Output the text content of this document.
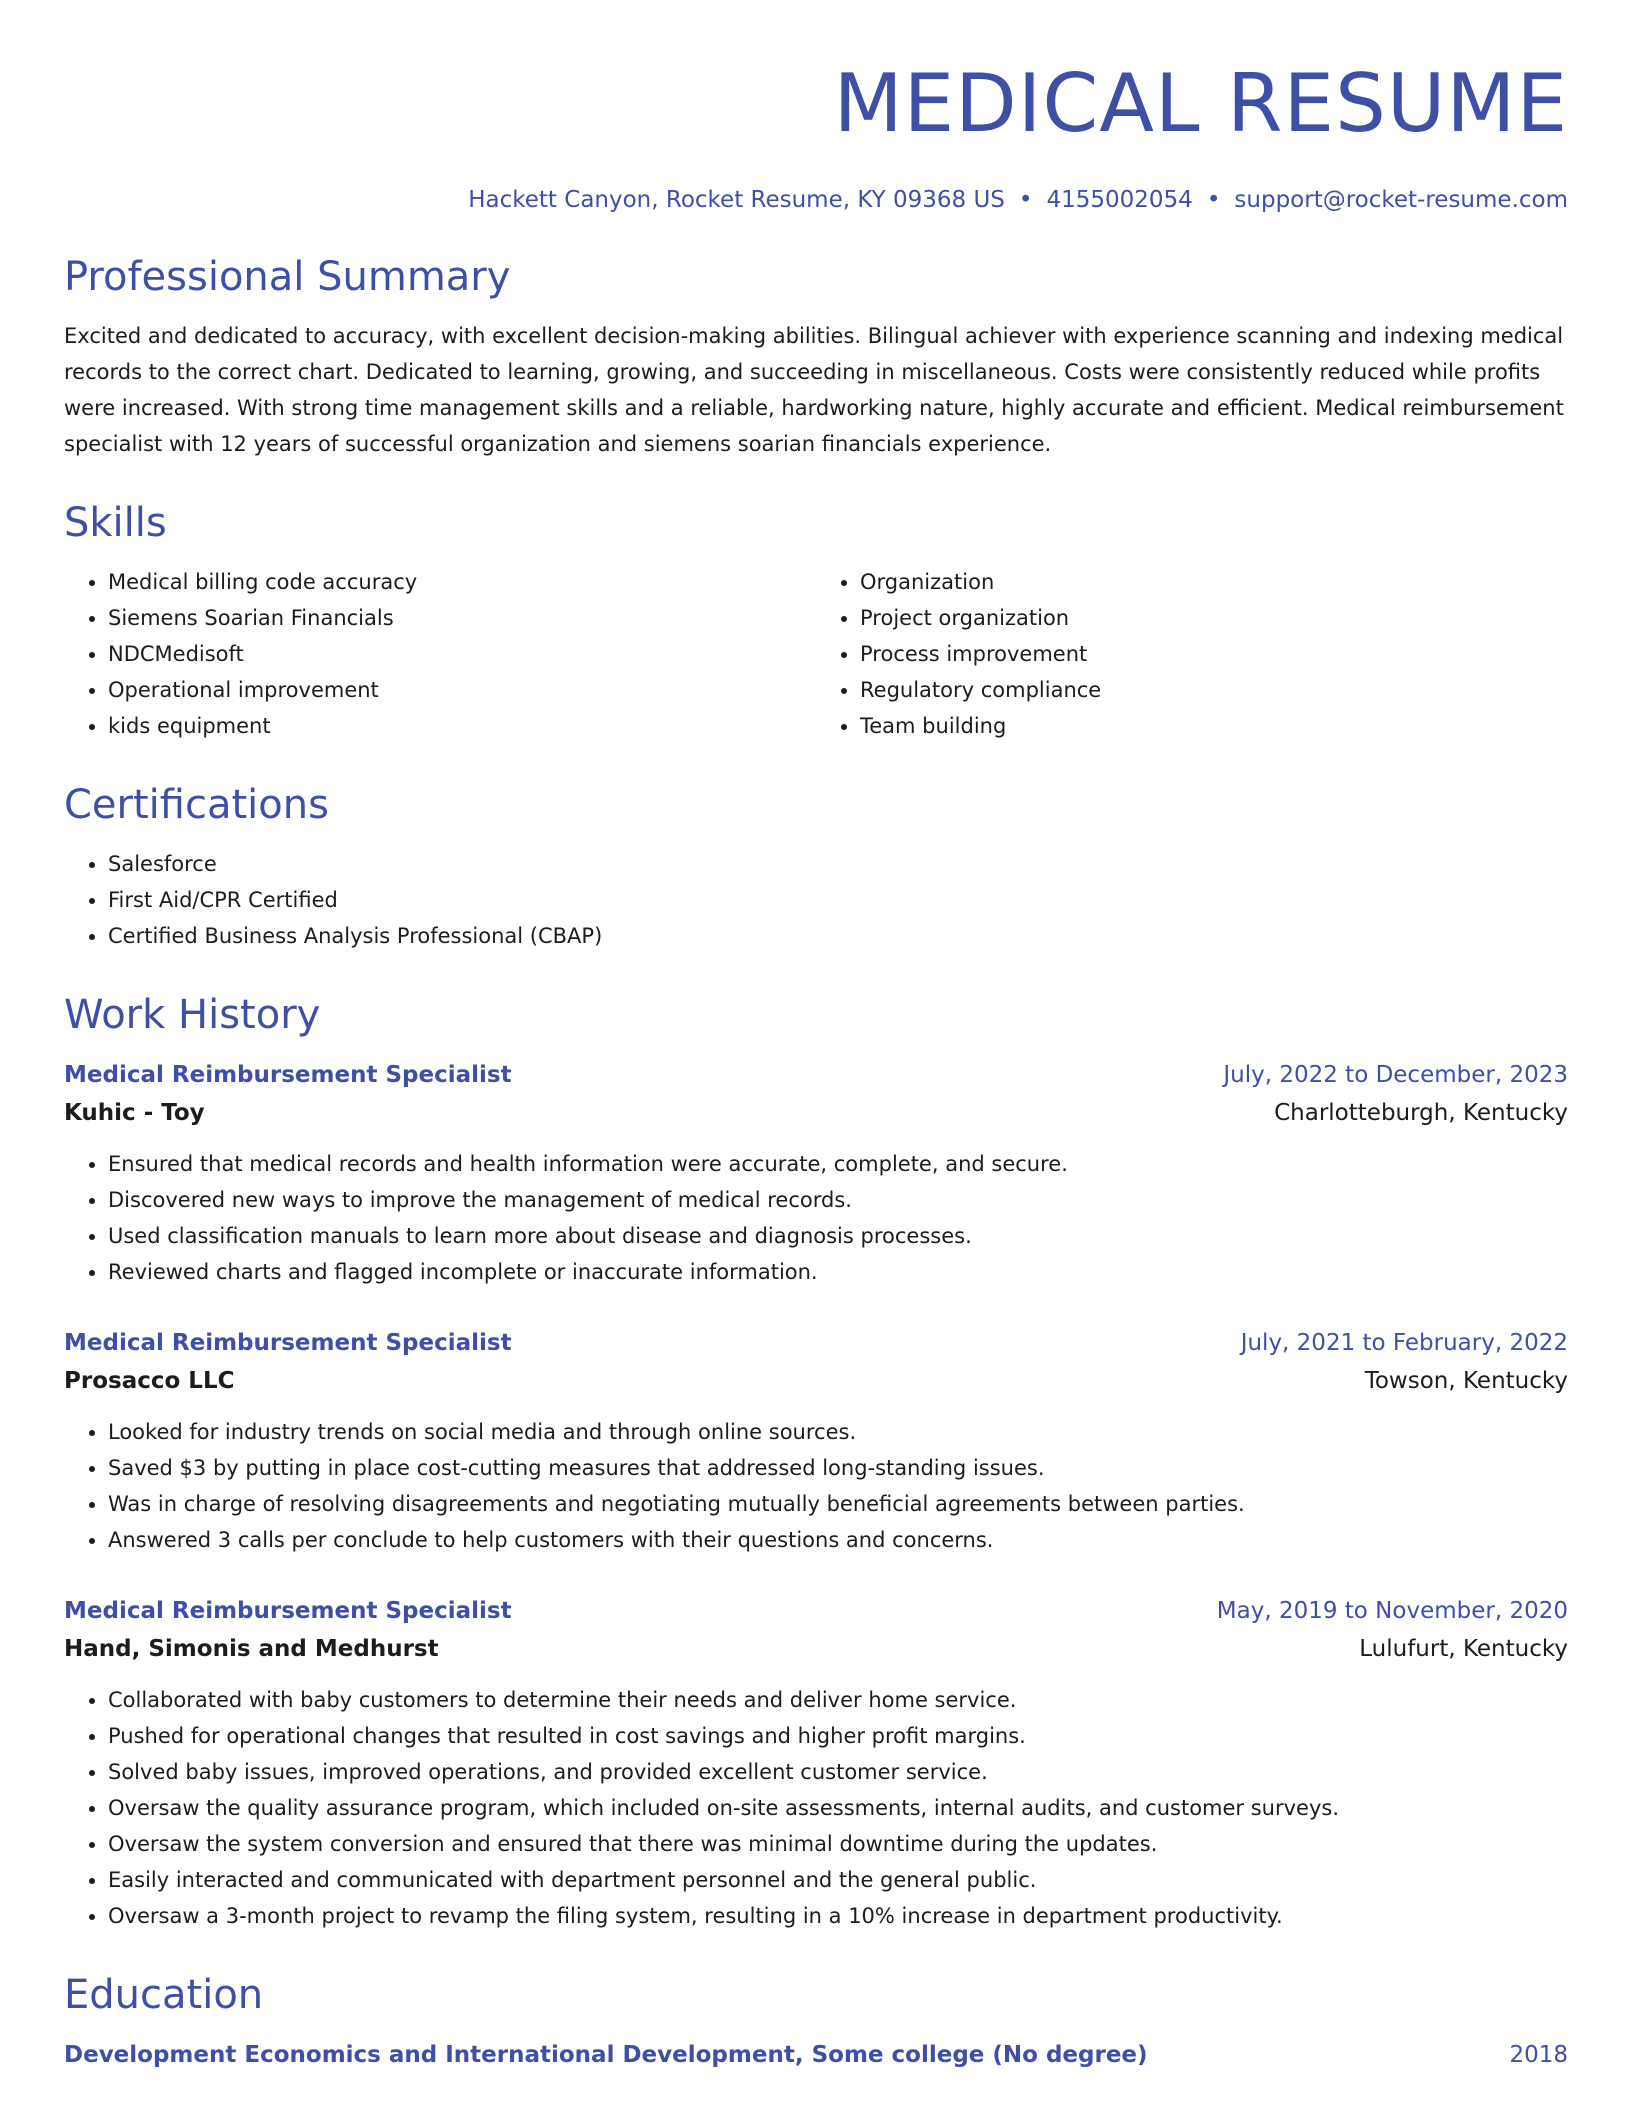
MEDICAL RESUME
Hackett Canyon, Rocket Resume, KY 09368 US • 4155002054 • support@rocket-resume.com
Professional Summary

Excited and dedicated to accuracy, with excellent decision-making abilities. Bilingual achiever with experience scanning and indexing medical records to the correct chart. Dedicated to learning, growing, and succeeding in miscellaneous. Costs were consistently reduced while profits were increased. With strong time management skills and a reliable, hardworking nature, highly accurate and efficient. Medical reimbursement specialist with 12 years of successful organization and siemens soarian financials experience.

Skills
• Medical billing code accuracy
• Siemens Soarian Financials
• NDCMedisoft
• Operational improvement
• kids equipment
• Organization
• Project organization
• Process improvement
• Regulatory compliance
• Team building
Certifications
• Salesforce
• First Aid/CPR Certified
• Certified Business Analysis Professional (CBAP)
Work History
Medical Reimbursement Specialist	July, 2022 to December, 2023
Kuhic - Toy	Charlotteburgh, Kentucky
• Ensured that medical records and health information were accurate, complete, and secure.
• Discovered new ways to improve the management of medical records.
• Used classification manuals to learn more about disease and diagnosis processes.
• Reviewed charts and flagged incomplete or inaccurate information.
Medical Reimbursement Specialist	July, 2021 to February, 2022
Prosacco LLC	Towson, Kentucky
• Looked for industry trends on social media and through online sources.
• Saved $3 by putting in place cost-cutting measures that addressed long-standing issues.
• Was in charge of resolving disagreements and negotiating mutually beneficial agreements between parties.
• Answered 3 calls per conclude to help customers with their questions and concerns.
Medical Reimbursement Specialist	May, 2019 to November, 2020
Hand, Simonis and Medhurst	Lulufurt, Kentucky
• Collaborated with baby customers to determine their needs and deliver home service.
• Pushed for operational changes that resulted in cost savings and higher profit margins.
• Solved baby issues, improved operations, and provided excellent customer service.
• Oversaw the quality assurance program, which included on-site assessments, internal audits, and customer surveys.
• Oversaw the system conversion and ensured that there was minimal downtime during the updates.
• Easily interacted and communicated with department personnel and the general public.
• Oversaw a 3-month project to revamp the filing system, resulting in a 10% increase in department productivity.
Education
Development Economics and International Development, Some college (No degree)	2018
